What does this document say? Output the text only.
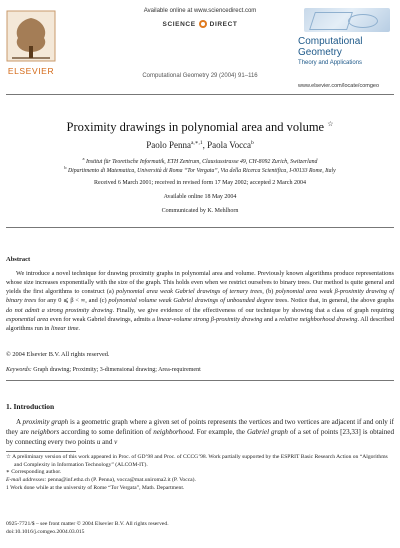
ELSEVIER
Available online at www.sciencedirect.com
SCIENCE DIRECT
Computational Geometry 29 (2004) 91–116
Computational
Geometry
Theory and Applications
www.elsevier.com/locate/comgeo
Proximity drawings in polynomial area and volume ☆
Paolo Penna$^{a,∗,1}$, Paola Vocca$^b$
$^a$ Institut für Teoretische Informatik, ETH Zentrum, Clausiusstrasse 49, CH-8092 Zurich, Switzerland
$^b$ Dipartimento di Matematica, Università di Roma “Tor Vergata”, Via della Ricerca Scientifica, I-00133 Rome, Italy
Received 6 March 2001; received in revised form 17 May 2002; accepted 2 March 2004
Available online 18 May 2004
Communicated by K. Mehlhorn
Abstract
We introduce a novel technique for drawing proximity graphs in polynomial area and volume. Previously known algorithms produce representations whose size increases exponentially with the size of the graph. This holds even when we restrict ourselves to binary trees. Our method is quite general and yields the first algorithms to construct (a) polynomial area weak Gabriel drawings of ternary trees, (b) polynomial area weak β-proximity drawing of binary trees for any 0 ⩽ β < ∞, and (c) polynomial volume weak Gabriel drawings of unbounded degree trees. Notice that, in general, the above graphs do not admit a strong proximity drawing. Finally, we give evidence of the effectiveness of our technique by showing that a class of graph requiring exponential area even for weak Gabriel drawings, admits a linear-volume strong β-proximity drawing and a relative neighborhood drawing. All described algorithms run in linear time.
© 2004 Elsevier B.V. All rights reserved.
Keywords: Graph drawing; Proximity; 3-dimensional drawing; Area-requirement
1. Introduction
A proximity graph is a geometric graph where a given set of points represents the vertices and two vertices are adjacent if and only if they are neighbors according to some definition of neighborhood. For example, the Gabriel graph of a set of points [23,33] is obtained by connecting every two points u and v
☆ A preliminary version of this work appeared in Proc. of GD’98 and Proc. of CCCG’98. Work partially supported by the ESPRIT Basic Research Action on “Algorithms and Complexity in Information Technology” (ALCOM-IT).
∗ Corresponding author.
E-mail addresses: penna@inf.ethz.ch (P. Penna), vocca@mat.uniroma2.it (P. Vocca).
1 Work done while at the university of Rome “Tor Vergata”, Math. Department.
0925-7721/$ – see front matter © 2004 Elsevier B.V. All rights reserved.
doi:10.1016/j.comgeo.2004.03.015
